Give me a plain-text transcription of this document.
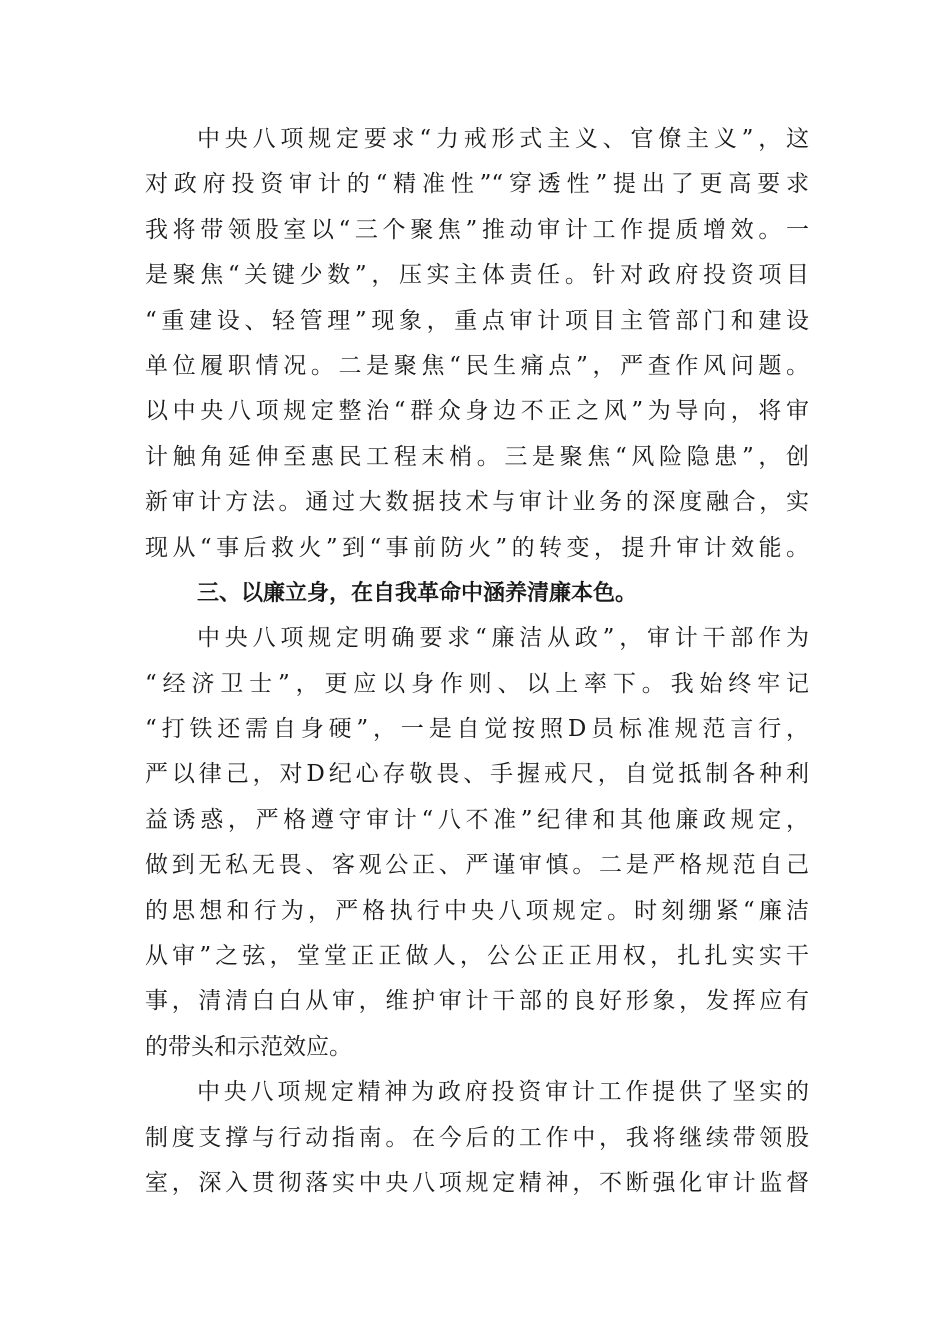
中央八项规定要求“力戒形式主义、官僚主义”，这
对政府投资审计的“精准性”“穿透性”提出了更高要求
我将带领股室以“三个聚焦”推动审计工作提质增效。一
是聚焦“关键少数”，压实主体责任。针对政府投资项目
“重建设、轻管理”现象，重点审计项目主管部门和建设
单位履职情况。二是聚焦“民生痛点”，严查作风问题。
以中央八项规定整治“群众身边不正之风”为导向，将审
计触角延伸至惠民工程末梢。三是聚焦“风险隐患”，创
新审计方法。通过大数据技术与审计业务的深度融合，实
现从“事后救火”到“事前防火”的转变，提升审计效能。
三、以廉立身，在自我革命中涵养清廉本色。
中央八项规定明确要求“廉洁从政”，审计干部作为
“经济卫士”，更应以身作则、以上率下。我始终牢记
“打铁还需自身硬”，一是自觉按照D员标准规范言行，
严以律己，对D纪心存敬畏、手握戒尺，自觉抵制各种利
益诱惑，严格遵守审计“八不准”纪律和其他廉政规定，
做到无私无畏、客观公正、严谨审慎。二是严格规范自己
的思想和行为，严格执行中央八项规定。时刻绷紧“廉洁
从审”之弦，堂堂正正做人，公公正正用权，扎扎实实干
事，清清白白从审，维护审计干部的良好形象，发挥应有
的带头和示范效应。
中央八项规定精神为政府投资审计工作提供了坚实的
制度支撑与行动指南。在今后的工作中，我将继续带领股
室，深入贯彻落实中央八项规定精神，不断强化审计监督
